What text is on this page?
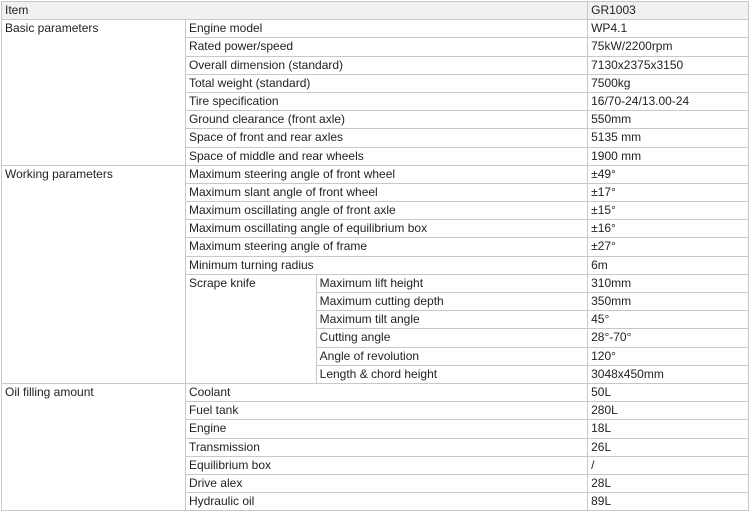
Item			GR1003
Basic parameters	Engine model		WP4.1
	Rated power/speed		75kW/2200rpm
	Overall dimension (standard)		7130x2375x3150
	Total weight (standard)		7500kg
	Tire specification		16/70-24/13.00-24
	Ground clearance (front axle)		550mm
	Space of front and rear axles		5135 mm
	Space of middle and rear wheels		1900 mm
Working parameters	Maximum steering angle of front wheel		±49°
	Maximum slant angle of front wheel		±17°
	Maximum oscillating angle of front axle		±15°
	Maximum oscillating angle of equilibrium box		±16°
	Maximum steering angle of frame		±27°
	Minimum turning radius		6m
	Scrape knife	Maximum lift height	310mm
		Maximum cutting depth	350mm
		Maximum tilt angle	45°
		Cutting angle	28°-70°
		Angle of revolution	120°
		Length & chord height	3048x450mm
Oil filling amount	Coolant		50L
	Fuel tank		280L
	Engine		18L
	Transmission		26L
	Equilibrium box		/
	Drive alex		28L
	Hydraulic oil		89L
